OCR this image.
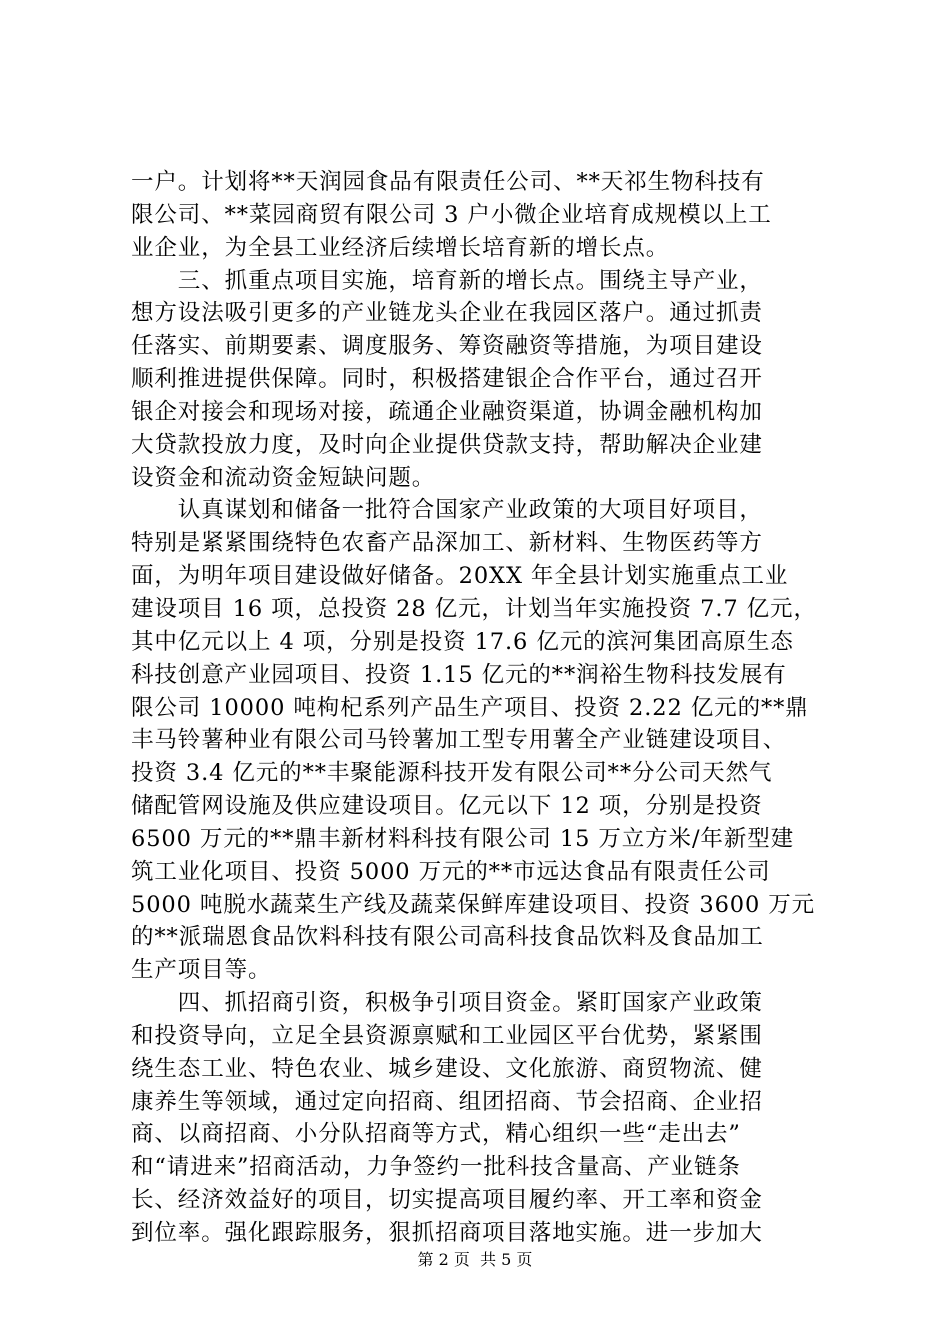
一户。计划将**天润园食品有限责任公司、**天祁生物科技有
限公司、**菜园商贸有限公司 3 户小微企业培育成规模以上工
业企业，为全县工业经济后续增长培育新的增长点。
　　三、抓重点项目实施，培育新的增长点。围绕主导产业，
想方设法吸引更多的产业链龙头企业在我园区落户。通过抓责
任落实、前期要素、调度服务、筹资融资等措施，为项目建设
顺利推进提供保障。同时，积极搭建银企合作平台，通过召开
银企对接会和现场对接，疏通企业融资渠道，协调金融机构加
大贷款投放力度，及时向企业提供贷款支持，帮助解决企业建
设资金和流动资金短缺问题。
　　认真谋划和储备一批符合国家产业政策的大项目好项目，
特别是紧紧围绕特色农畜产品深加工、新材料、生物医药等方
面，为明年项目建设做好储备。20XX 年全县计划实施重点工业
建设项目 16 项，总投资 28 亿元，计划当年实施投资 7.7 亿元，
其中亿元以上 4 项，分别是投资 17.6 亿元的滨河集团高原生态
科技创意产业园项目、投资 1.15 亿元的**润裕生物科技发展有
限公司 10000 吨枸杞系列产品生产项目、投资 2.22 亿元的**鼎
丰马铃薯种业有限公司马铃薯加工型专用薯全产业链建设项目、
投资 3.4 亿元的**丰聚能源科技开发有限公司**分公司天然气
储配管网设施及供应建设项目。亿元以下 12 项，分别是投资
6500 万元的**鼎丰新材料科技有限公司 15 万立方米/年新型建
筑工业化项目、投资 5000 万元的**市远达食品有限责任公司
5000 吨脱水蔬菜生产线及蔬菜保鲜库建设项目、投资 3600 万元
的**派瑞恩食品饮料科技有限公司高科技食品饮料及食品加工
生产项目等。
　　四、抓招商引资，积极争引项目资金。紧盯国家产业政策
和投资导向，立足全县资源禀赋和工业园区平台优势，紧紧围
绕生态工业、特色农业、城乡建设、文化旅游、商贸物流、健
康养生等领域，通过定向招商、组团招商、节会招商、企业招
商、以商招商、小分队招商等方式，精心组织一些“走出去”
和“请进来”招商活动，力争签约一批科技含量高、产业链条
长、经济效益好的项目，切实提高项目履约率、开工率和资金
到位率。强化跟踪服务，狠抓招商项目落地实施。进一步加大
第 2 页  共 5 页
